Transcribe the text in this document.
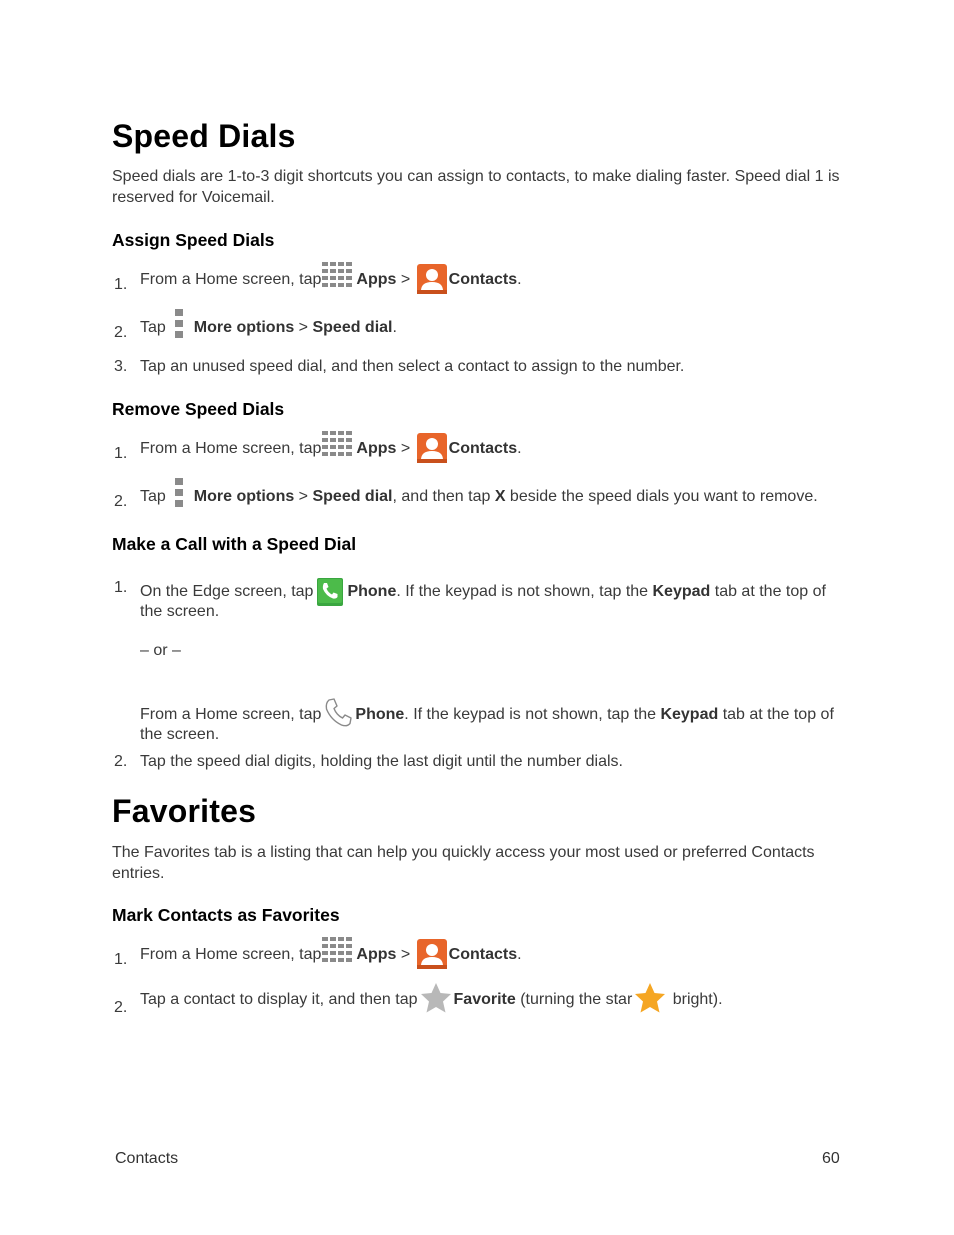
Speed Dials

Speed dials are 1-to-3 digit shortcuts you can assign to contacts, to make dialing faster. Speed dial 1 is reserved for Voicemail.

Assign Speed Dials
1. From a Home screen, tap Apps > Contacts.
2. Tap More options > Speed dial.
3. Tap an unused speed dial, and then select a contact to assign to the number.
Remove Speed Dials
1. From a Home screen, tap Apps > Contacts.
2. Tap More options > Speed dial, and then tap X beside the speed dials you want to remove.
Make a Call with a Speed Dial
1. On the Edge screen, tap Phone. If the keypad is not shown, tap the Keypad tab at the top of the screen.
– or –
From a Home screen, tap Phone. If the keypad is not shown, tap the Keypad tab at the top of the screen.
2. Tap the speed dial digits, holding the last digit until the number dials.
Favorites

The Favorites tab is a listing that can help you quickly access your most used or preferred Contacts entries.

Mark Contacts as Favorites
1. From a Home screen, tap Apps > Contacts.
2. Tap a contact to display it, and then tap Favorite (turning the star bright).
Contacts	60
